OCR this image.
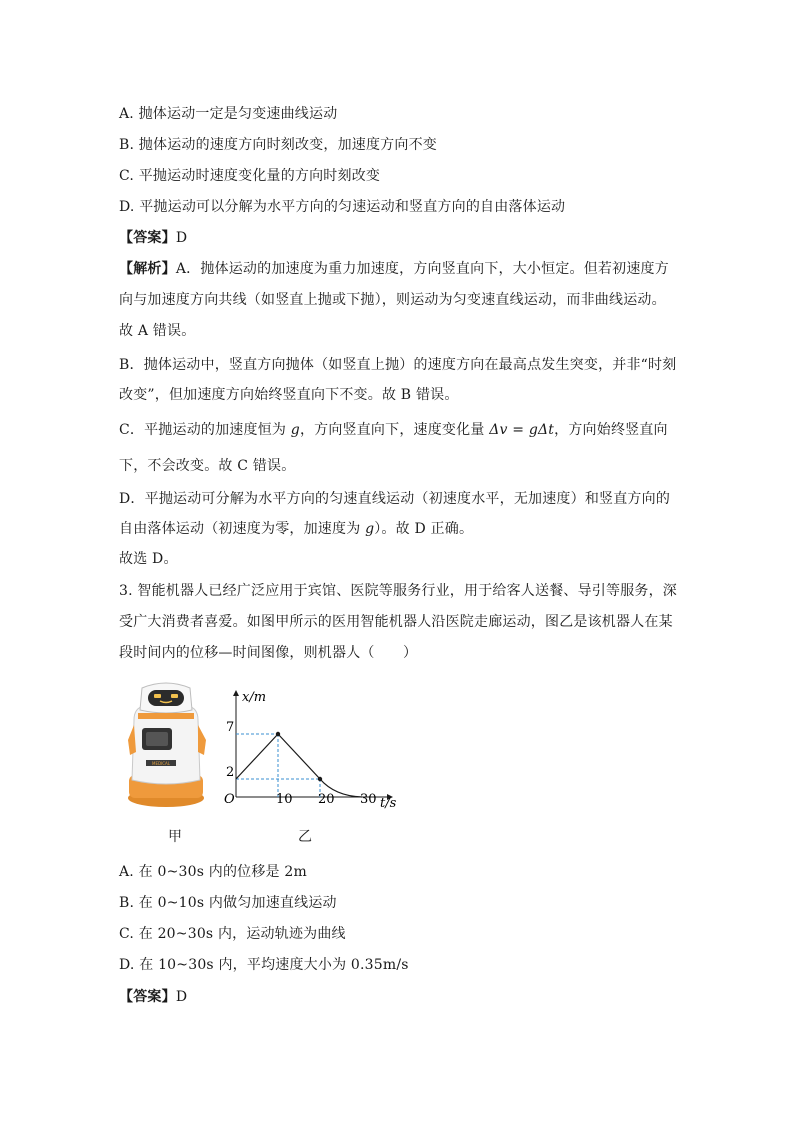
A. 抛体运动一定是匀变速曲线运动
B. 抛体运动的速度方向时刻改变，加速度方向不变
C. 平抛运动时速度变化量的方向时刻改变
D. 平抛运动可以分解为水平方向的匀速运动和竖直方向的自由落体运动
【答案】D
【解析】A．抛体运动的加速度为重力加速度，方向竖直向下，大小恒定。但若初速度方
向与加速度方向共线（如竖直上抛或下抛），则运动为匀变速直线运动，而非曲线运动。
故 A 错误。
B．抛体运动中，竖直方向抛体（如竖直上抛）的速度方向在最高点发生突变，并非“时刻
改变”，但加速度方向始终竖直向下不变。故 B 错误。
C．平抛运动的加速度恒为 g，方向竖直向下，速度变化量 Δv = gΔt，方向始终竖直向
下，不会改变。故 C 错误。
D．平抛运动可分解为水平方向的匀速直线运动（初速度水平，无加速度）和竖直方向的
自由落体运动（初速度为零，加速度为 g）。故 D 正确。
故选 D。
3. 智能机器人已经广泛应用于宾馆、医院等服务行业，用于给客人送餐、导引等服务，深
受广大消费者喜爱。如图甲所示的医用智能机器人沿医院走廊运动，图乙是该机器人在某
段时间内的位移—时间图像，则机器人（　　）
MEDICAL
x/m
t/s
O
7
2
10 20 30
甲	乙
A. 在 0~30s 内的位移是 2m
B. 在 0~10s 内做匀加速直线运动
C. 在 20~30s 内，运动轨迹为曲线
D. 在 10~30s 内，平均速度大小为 0.35m/s
【答案】D
